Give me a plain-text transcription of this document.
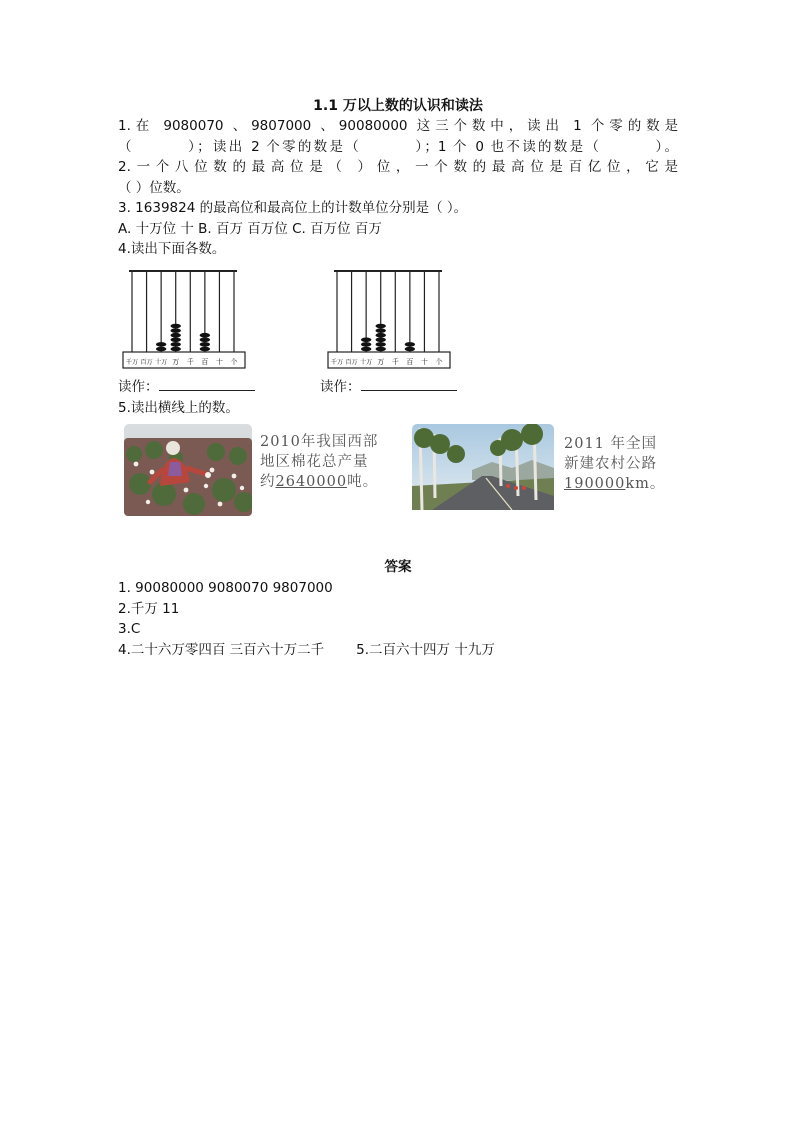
1.1 万以上数的认识和读法
1.在 9080070 、9807000 、90080000 这三个数中，读出 1 个零的数是
（	）；读出 2 个零的数是（	）；1 个 0 也不读的数是（	）。
2.一个八位数的最高位是（ ）位，一个数的最高位是百亿位，它是
（ ）位数。
3. 1639824 的最高位和最高位上的计数单位分别是（ ）。
A. 十万位 十 B. 百万 百万位 C. 百万位 百万
4.读出下面各数。
千万 百万 十万 万 千 百 十 个	千万 百万 十万 万 千 百 十 个
读作：	读作：
5.读出横线上的数。
2010年我国西部
地区棉花总产量
约2640000吨。
2011 年全国
新建农村公路
190000km。
答案
1. 90080000 9080070 9807000
2.千万 11
3.C
4.二十六万零四百 三百六十万二千 5.二百六十四万 十九万
